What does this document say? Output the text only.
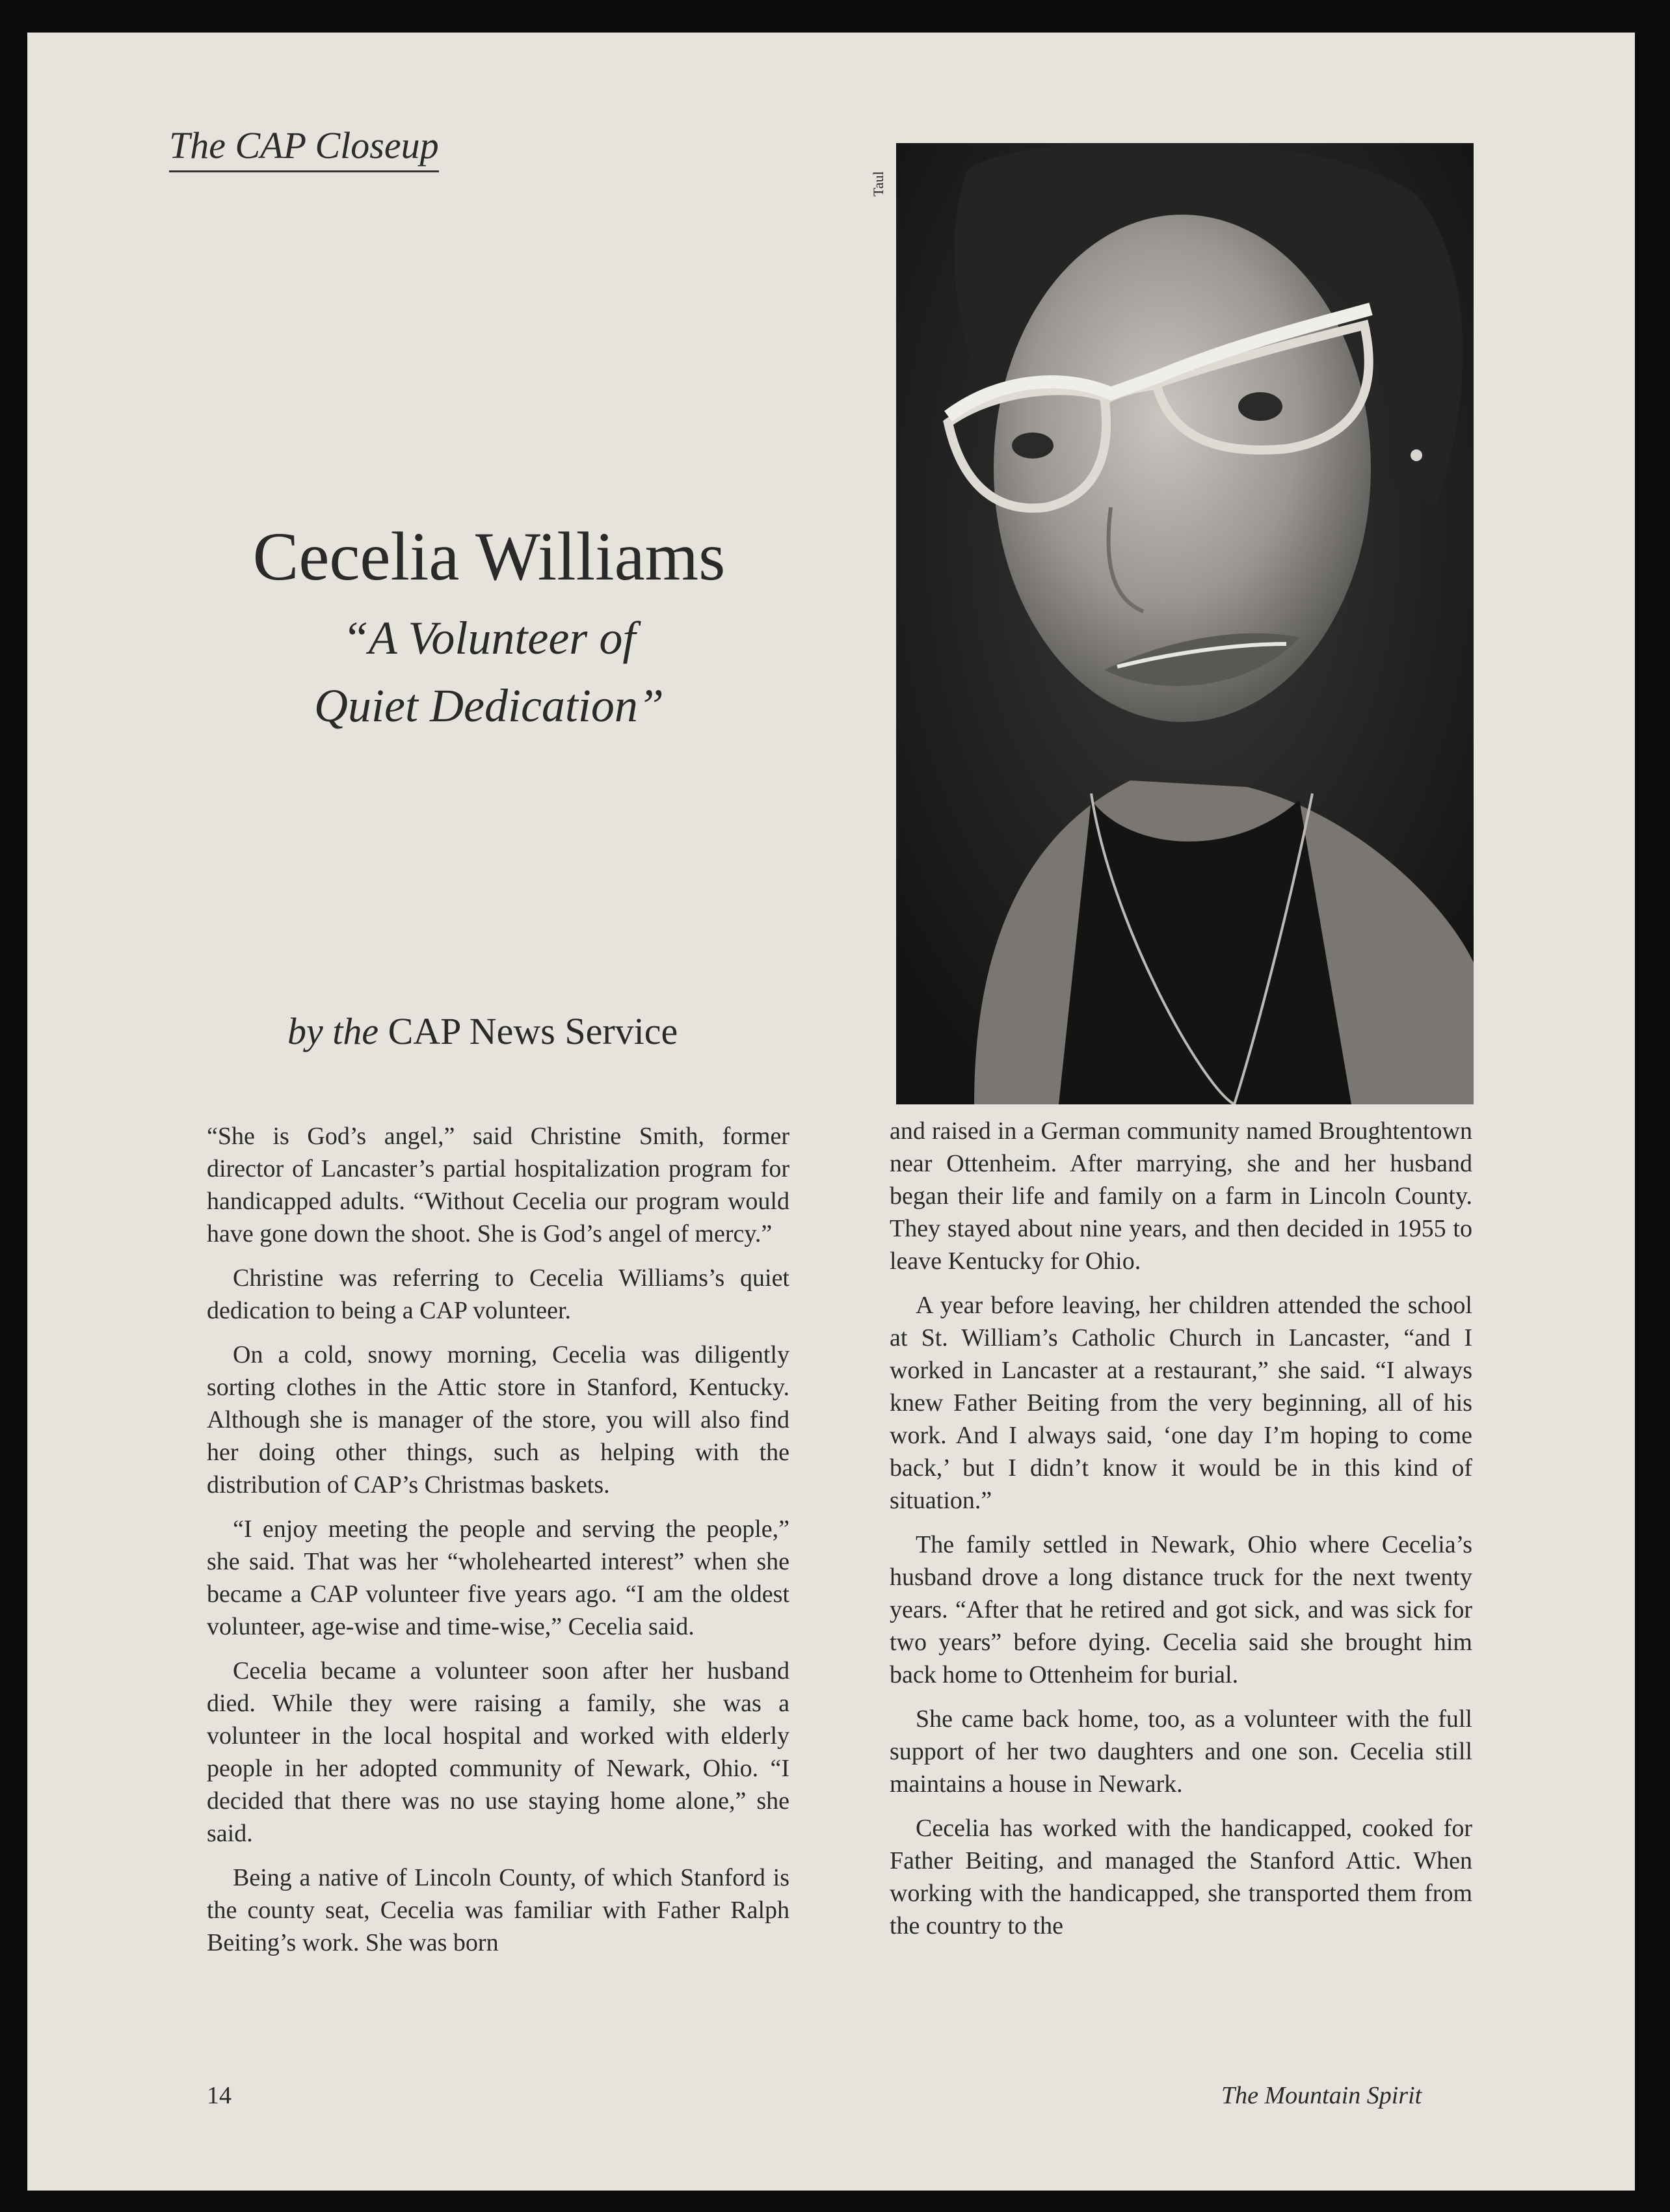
The CAP Closeup
Cecelia Williams
“A Volunteer of
Quiet Dedication”
by the CAP News Service
Taul

“She is God’s angel,” said Christine Smith, former director of Lancaster’s partial hospitalization program for handicapped adults. “Without Cecelia our program would have gone down the shoot. She is God’s angel of mercy.”

Christine was referring to Cecelia Williams’s quiet dedication to being a CAP volunteer.

On a cold, snowy morning, Cecelia was diligently sorting clothes in the Attic store in Stanford, Kentucky. Although she is manager of the store, you will also find her doing other things, such as helping with the distribution of CAP’s Christmas baskets.

“I enjoy meeting the people and serving the people,” she said. That was her “wholehearted interest” when she became a CAP volunteer five years ago. “I am the oldest volunteer, age-wise and time-wise,” Cecelia said.

Cecelia became a volunteer soon after her husband died. While they were raising a family, she was a volunteer in the local hospital and worked with elderly people in her adopted community of Newark, Ohio. “I decided that there was no use staying home alone,” she said.

Being a native of Lincoln County, of which Stanford is the county seat, Cecelia was familiar with Father Ralph Beiting’s work. She was born

and raised in a German community named Broughtentown near Ottenheim. After marrying, she and her husband began their life and family on a farm in Lincoln County. They stayed about nine years, and then decided in 1955 to leave Kentucky for Ohio.

A year before leaving, her children attended the school at St. William’s Catholic Church in Lancaster, “and I worked in Lancaster at a restaurant,” she said. “I always knew Father Beiting from the very beginning, all of his work. And I always said, ‘one day I’m hoping to come back,’ but I didn’t know it would be in this kind of situation.”

The family settled in Newark, Ohio where Cecelia’s husband drove a long distance truck for the next twenty years. “After that he retired and got sick, and was sick for two years” before dying. Cecelia said she brought him back home to Ottenheim for burial.

She came back home, too, as a volunteer with the full support of her two daughters and one son. Cecelia still maintains a house in Newark.

Cecelia has worked with the handicapped, cooked for Father Beiting, and managed the Stanford Attic. When working with the handicapped, she transported them from the country to the

14	The Mountain Spirit
